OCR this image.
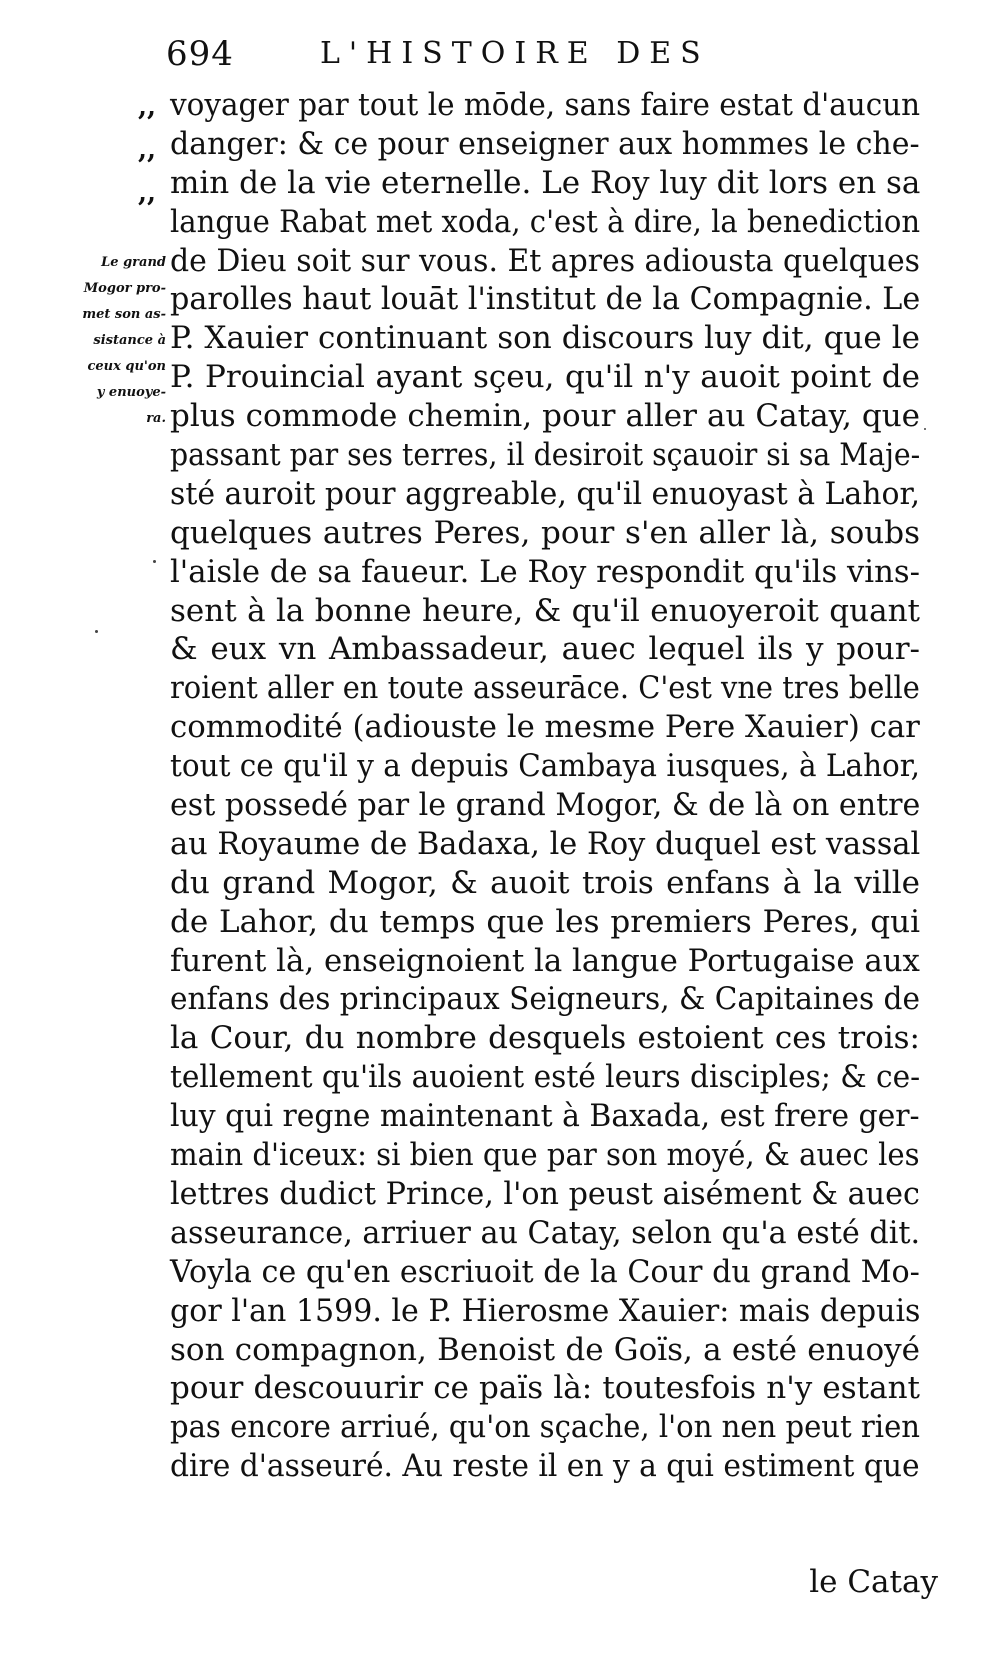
694	L'HISTOIRE DES
,,
,,
,,
Le grand
Mogor pro-
met son as-
sistance à
ceux qu'on
y enuoye-
ra.
voyager par tout le mōde, sans faire estat d'aucun
danger: & ce pour enseigner aux hommes le che-
min de la vie eternelle. Le Roy luy dit lors en sa
langue Rabat met xoda, c'est à dire, la benediction
de Dieu soit sur vous. Et apres adiousta quelques
parolles haut louāt l'institut de la Compagnie. Le
P. Xauier continuant son discours luy dit, que le
P. Prouincial ayant sçeu, qu'il n'y auoit point de
plus commode chemin, pour aller au Catay, que
passant par ses terres, il desiroit sçauoir si sa Maje-
sté auroit pour aggreable, qu'il enuoyast à Lahor,
quelques autres Peres, pour s'en aller là, soubs
l'aisle de sa faueur. Le Roy respondit qu'ils vins-
sent à la bonne heure, & qu'il enuoyeroit quant
& eux vn Ambassadeur, auec lequel ils y pour-
roient aller en toute asseurāce. C'est vne tres belle
commodité (adiouste le mesme Pere Xauier) car
tout ce qu'il y a depuis Cambaya iusques, à Lahor,
est possedé par le grand Mogor, & de là on entre
au Royaume de Badaxa, le Roy duquel est vassal
du grand Mogor, & auoit trois enfans à la ville
de Lahor, du temps que les premiers Peres, qui
furent là, enseignoient la langue Portugaise aux
enfans des principaux Seigneurs, & Capitaines de
la Cour, du nombre desquels estoient ces trois:
tellement qu'ils auoient esté leurs disciples; & ce-
luy qui regne maintenant à Baxada, est frere ger-
main d'iceux: si bien que par son moyé, & auec les
lettres dudict Prince, l'on peust aisément & auec
asseurance, arriuer au Catay, selon qu'a esté dit.
Voyla ce qu'en escriuoit de la Cour du grand Mo-
gor l'an 1599. le P. Hierosme Xauier: mais depuis
son compagnon, Benoist de Goïs, a esté enuoyé
pour descouurir ce païs là: toutesfois n'y estant
pas encore arriué, qu'on sçache, l'on nen peut rien
dire d'asseuré. Au reste il en y a qui estiment que
le Catay
